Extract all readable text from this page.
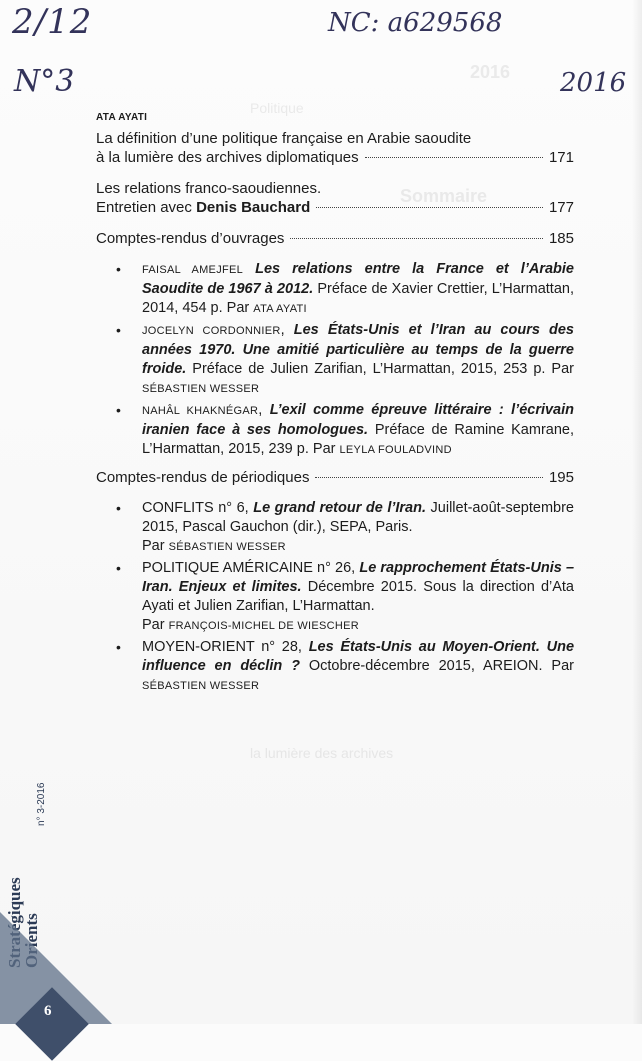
Sommaire
2016
Politique
la lumière des archives
2/12	NC: a629568
N°3	2016
ATA AYATI
La définition d’une politique française en Arabie saoudite
à la lumière des archives diplomatiques	171
Les relations franco-saoudiennes.
Entretien avec Denis Bauchard	177
Comptes-rendus d’ouvrages	185
• FAISAL AMEJFEL Les relations entre la France et l’Arabie Saoudite de 1967 à 2012. Préface de Xavier Crettier, L’Harmattan, 2014, 454 p. Par ATA AYATI
• JOCELYN CORDONNIER, Les États-Unis et l’Iran au cours des années 1970. Une amitié particulière au temps de la guerre froide. Préface de Julien Zarifian, L’Harmattan, 2015, 253 p. Par SÉBASTIEN WESSER
• NAHÂL KHAKNÉGAR, L’exil comme épreuve littéraire : l’écrivain iranien face à ses homologues. Préface de Ramine Kamrane, L’Harmattan, 2015, 239 p. Par LEYLA FOULADVIND
Comptes-rendus de périodiques	195
• CONFLITS n° 6, Le grand retour de l’Iran. Juillet-août-septembre 2015, Pascal Gauchon (dir.), SEPA, Paris.
Par SÉBASTIEN WESSER
• POLITIQUE AMÉRICAINE n° 26, Le rapprochement États-Unis – Iran. Enjeux et limites. Décembre 2015. Sous la direction d’Ata Ayati et Julien Zarifian, L’Harmattan.
Par FRANÇOIS-MICHEL DE WIESCHER
• MOYEN-ORIENT n° 28, Les États-Unis au Moyen-Orient. Une influence en déclin ? Octobre-décembre 2015, AREION. Par SÉBASTIEN WESSER
n° 3-2016
Stratégiques
Orients
6
